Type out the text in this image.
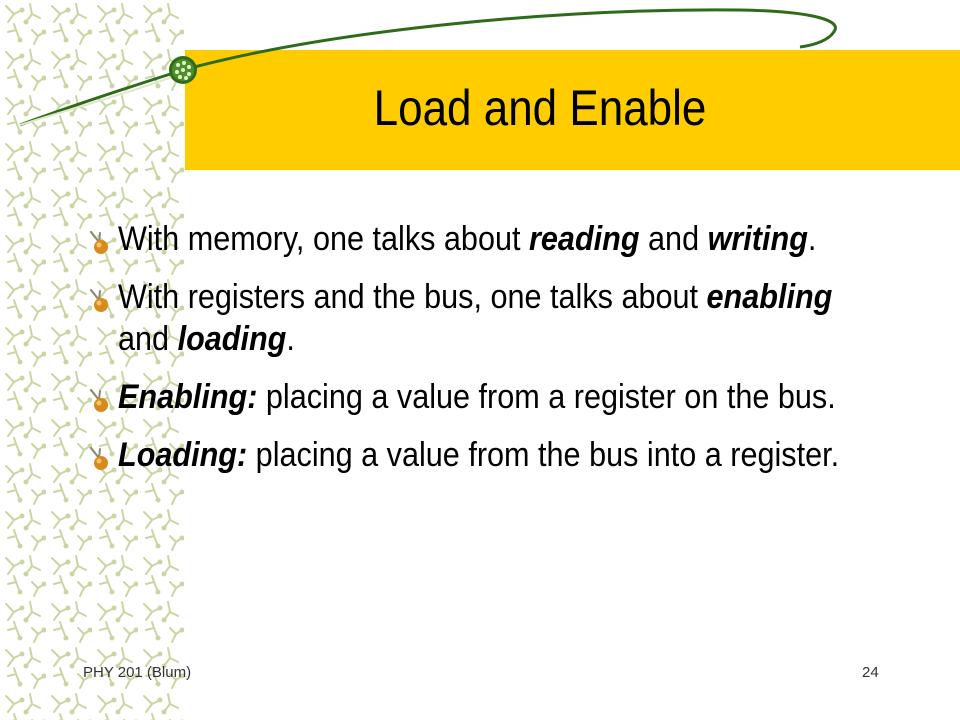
Load and Enable
With memory, one talks about reading and writing.
With registers and the bus, one talks about enabling and loading.
Enabling: placing a value from a register on the bus.
Loading: placing a value from the bus into a register.
PHY 201 (Blum)	24
